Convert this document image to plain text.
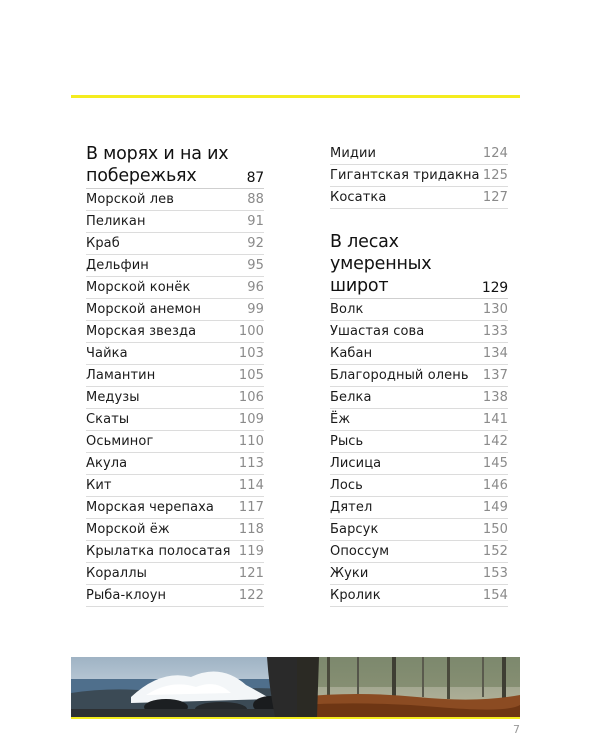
В морях и на их
побережьях	87
Морской лев	88
Пеликан	91
Краб	92
Дельфин	95
Морской конёк	96
Морской анемон	99
Морская звезда	100
Чайка	103
Ламантин	105
Медузы	106
Скаты	109
Осьминог	110
Акула	113
Кит	114
Морская черепаха 117
Морской ёж	118
Крылатка полосатая 119
Кораллы	121
Рыба-клоун	122
Мидии	124
Гигантская тридакна 125
Косатка	127
В лесах
умеренных
широт	129
Волк	130
Ушастая сова	133
Кабан	134
Благородный олень 137
Белка	138
Ёж	141
Рысь	142
Лисица	145
Лось	146
Дятел	149
Барсук	150
Опоссум	152
Жуки	153
Кролик	154
7
